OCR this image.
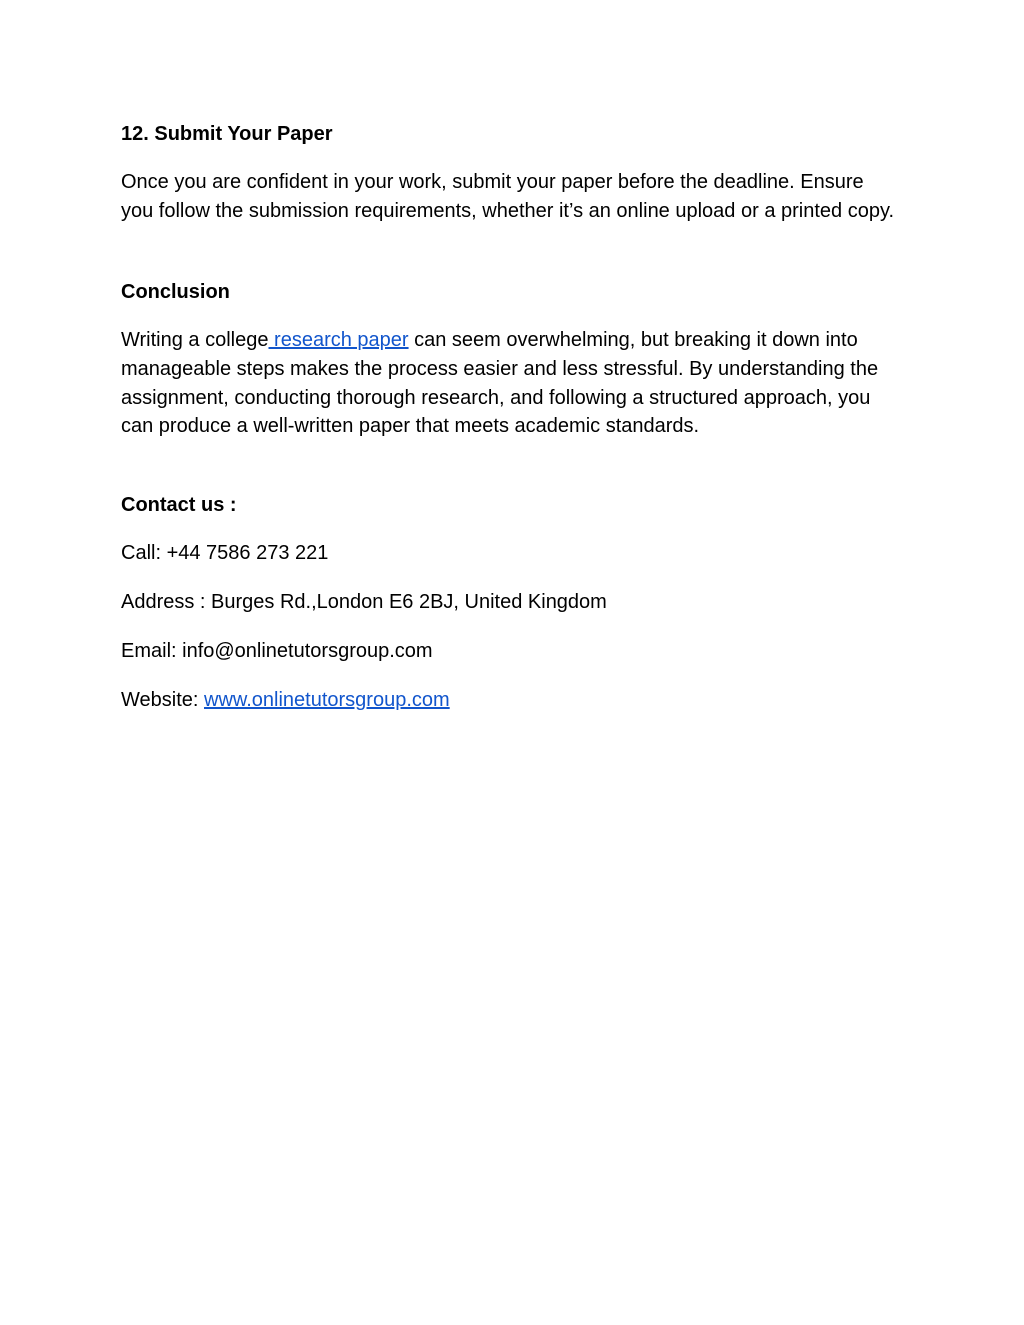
12. Submit Your Paper
Once you are confident in your work, submit your paper before the deadline. Ensure you follow the submission requirements, whether it’s an online upload or a printed copy.
Conclusion
Writing a college research paper can seem overwhelming, but breaking it down into manageable steps makes the process easier and less stressful. By understanding the assignment, conducting thorough research, and following a structured approach, you can produce a well-written paper that meets academic standards.
Contact us :
Call: +44 7586 273 221
Address : Burges Rd.,London E6 2BJ, United Kingdom
Email: info@onlinetutorsgroup.com
Website: www.onlinetutorsgroup.com
